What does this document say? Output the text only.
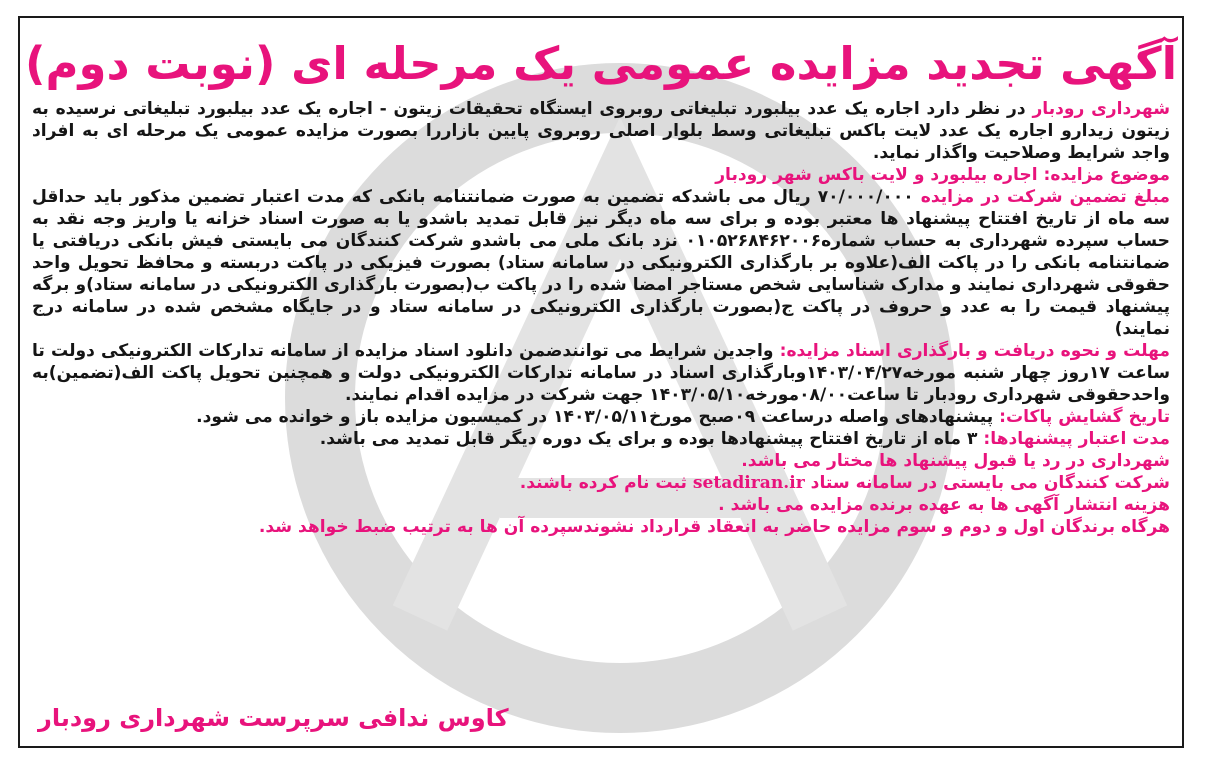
آگهی تجدید مزایده عمومی یک مرحله ای (نوبت دوم)

شهرداری رودبار در نظر دارد اجاره یک عدد بیلبورد تبلیغاتی روبروی ایستگاه تحقیقات زیتون - اجاره یک عدد بیلبورد تبلیغاتی نرسیده به زیتون زیدارو اجاره یک عدد لایت باکس تبلیغاتی وسط بلوار اصلی روبروی پایین بازاررا بصورت مزایده عمومی یک مرحله ای به افراد واجد شرایط وصلاحیت واگذار نماید.

موضوع مزایده: اجاره بیلبورد و لایت باکس شهر رودبار

مبلغ تضمین شرکت در مزایده ۷۰/۰۰۰/۰۰۰ ریال می باشدکه تضمین به صورت ضمانتنامه بانکی که مدت اعتبار تضمین مذکور باید حداقل سه ماه از تاریخ افتتاح پیشنهاد ها معتبر بوده و برای سه ماه دیگر نیز قابل تمدید باشدو یا به صورت اسناد خزانه یا واریز وجه نقد به حساب سپرده شهرداری به حساب شماره۰۱۰۵۲۶۸۴۶۲۰۰۶ نزد بانک ملی می باشدو شرکت کنندگان می بایستی فیش بانکی دریافتی یا ضمانتنامه بانکی را در پاکت الف(علاوه بر بارگذاری الکترونیکی در سامانه ستاد) بصورت فیزیکی در پاکت دربسته و محافظ تحویل واحد حقوقی شهرداری نمایند و مدارک شناسایی شخص مستاجر امضا شده را در پاکت ب(بصورت بارگذاری الکترونیکی در سامانه ستاد)و برگه پیشنهاد قیمت را به عدد و حروف در پاکت ج(بصورت بارگذاری الکترونیکی در سامانه ستاد و در جایگاه مشخص شده در سامانه درج نمایند)

مهلت و نحوه دریافت و بارگذاری اسناد مزایده: واجدین شرایط می توانندضمن دانلود اسناد مزایده از سامانه تدارکات الکترونیکی دولت تا ساعت ۱۷روز چهار شنبه مورخه۱۴۰۳/۰۴/۲۷وبارگذاری اسناد در سامانه تدارکات الکترونیکی دولت و همچنین تحویل پاکت الف(تضمین)به واحدحقوقی شهرداری رودبار تا ساعت۰۸/۰۰مورخه۱۴۰۳/۰۵/۱۰ جهت شرکت در مزایده اقدام نمایند.

تاریخ گشایش پاکات: پیشنهادهای واصله درساعت ۰۹صبح مورخ۱۴۰۳/۰۵/۱۱ در کمیسیون مزایده باز و خوانده می شود.

مدت اعتبار پیشنهادها: ۳ ماه از تاریخ افتتاح پیشنهادها بوده و برای یک دوره دیگر قابل تمدید می باشد.

شهرداری در رد یا قبول پیشنهاد ها مختار می باشد.

شرکت کنندگان می بایستی در سامانه ستاد setadiran.ir ثبت نام کرده باشند.

هزینه انتشار آگهی ها به عهده برنده مزایده می باشد .

هرگاه برندگان اول و دوم و سوم مزایده حاضر به انعقاد قرارداد نشوندسپرده آن ها به ترتیب ضبط خواهد شد.

کاوس ندافی سرپرست شهرداری رودبار
